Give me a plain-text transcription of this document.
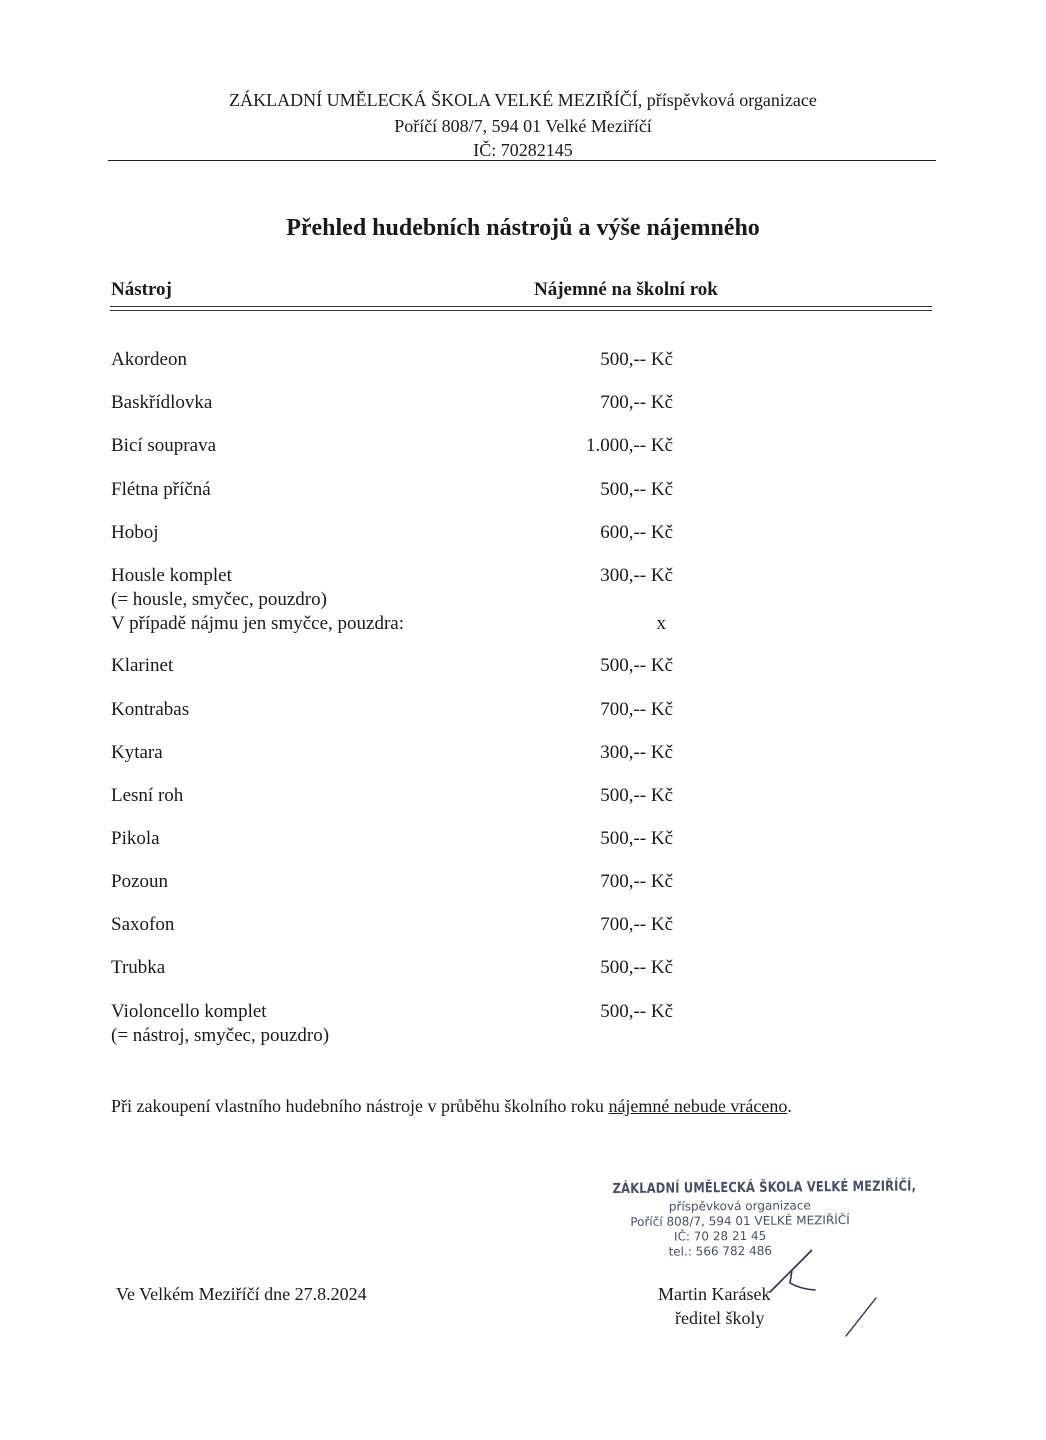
ZÁKLADNÍ UMĚLECKÁ ŠKOLA VELKÉ MEZIŘÍČÍ, příspěvková organizace
Poříčí 808/7, 594 01 Velké Meziříčí
IČ: 70282145
Přehled hudebních nástrojů a výše nájemného
Nástroj	Nájemné na školní rok
Akordeon	500,-- Kč
Baskřídlovka	700,-- Kč
Bicí souprava	1.000,-- Kč
Flétna příčná	500,-- Kč
Hoboj	600,-- Kč
Housle komplet	300,-- Kč
(= housle, smyčec, pouzdro)
V případě nájmu jen smyčce, pouzdra:	x
Klarinet	500,-- Kč
Kontrabas	700,-- Kč
Kytara	300,-- Kč
Lesní roh	500,-- Kč
Pikola	500,-- Kč
Pozoun	700,-- Kč
Saxofon	700,-- Kč
Trubka	500,-- Kč
Violoncello komplet	500,-- Kč
(= nástroj, smyčec, pouzdro)
Při zakoupení vlastního hudebního nástroje v průběhu školního roku nájemné nebude vráceno.
ZÁKLADNÍ UMĚLECKÁ ŠKOLA VELKÉ MEZIŘÍČÍ,
příspěvková organizace
Poříčí 808/7, 594 01 VELKÉ MEZIŘÍČÍ
IČ: 70 28 21 45
tel.: 566 782 486
Ve Velkém Meziříčí dne 27.8.2024	Martin Karásek
ředitel školy
